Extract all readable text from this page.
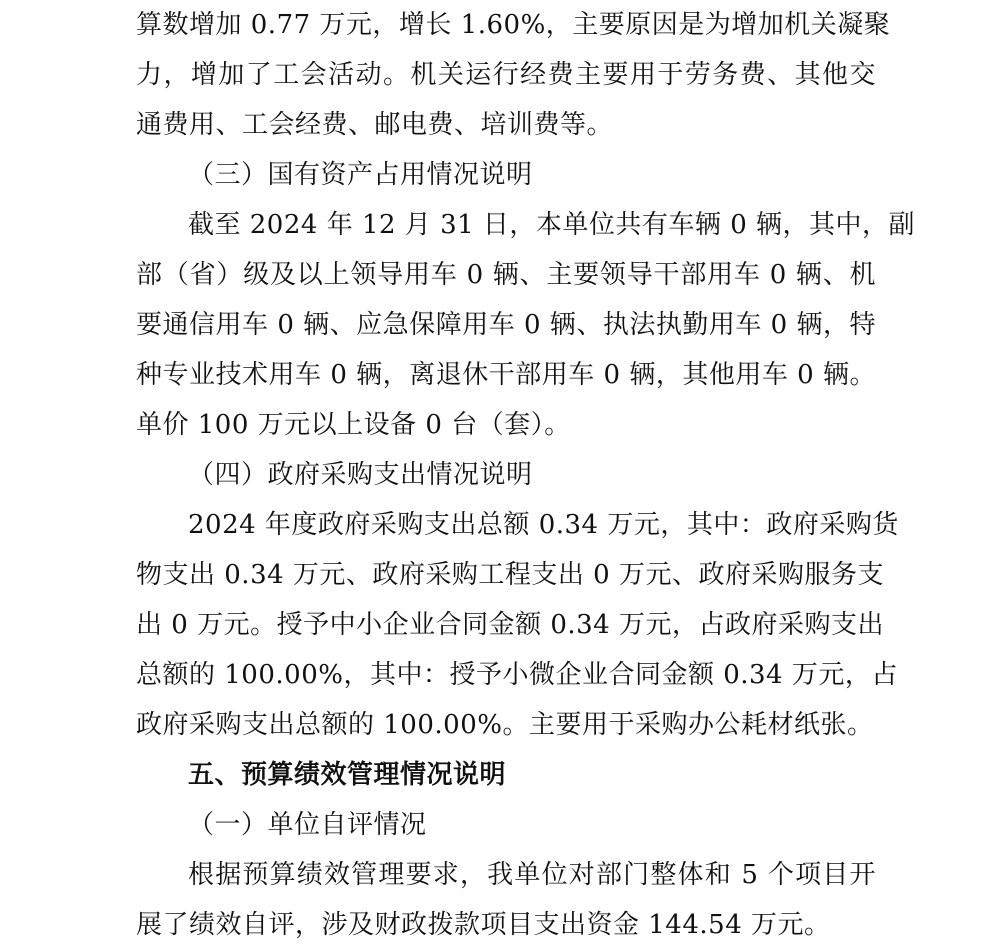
算数增加 0.77 万元，增长 1.60%，主要原因是为增加机关凝聚
力，增加了工会活动。机关运行经费主要用于劳务费、其他交
通费用、工会经费、邮电费、培训费等。
（三）国有资产占用情况说明
截至 2024 年 12 月 31 日，本单位共有车辆 0 辆，其中，副
部（省）级及以上领导用车 0 辆、主要领导干部用车 0 辆、机
要通信用车 0 辆、应急保障用车 0 辆、执法执勤用车 0 辆，特
种专业技术用车 0 辆，离退休干部用车 0 辆，其他用车 0 辆。
单价 100 万元以上设备 0 台（套）。
（四）政府采购支出情况说明
2024 年度政府采购支出总额 0.34 万元，其中：政府采购货
物支出 0.34 万元、政府采购工程支出 0 万元、政府采购服务支
出 0 万元。授予中小企业合同金额 0.34 万元，占政府采购支出
总额的 100.00%，其中：授予小微企业合同金额 0.34 万元，占
政府采购支出总额的 100.00%。主要用于采购办公耗材纸张。
五、预算绩效管理情况说明
（一）单位自评情况
根据预算绩效管理要求，我单位对部门整体和 5 个项目开
展了绩效自评，涉及财政拨款项目支出资金 144.54 万元。
